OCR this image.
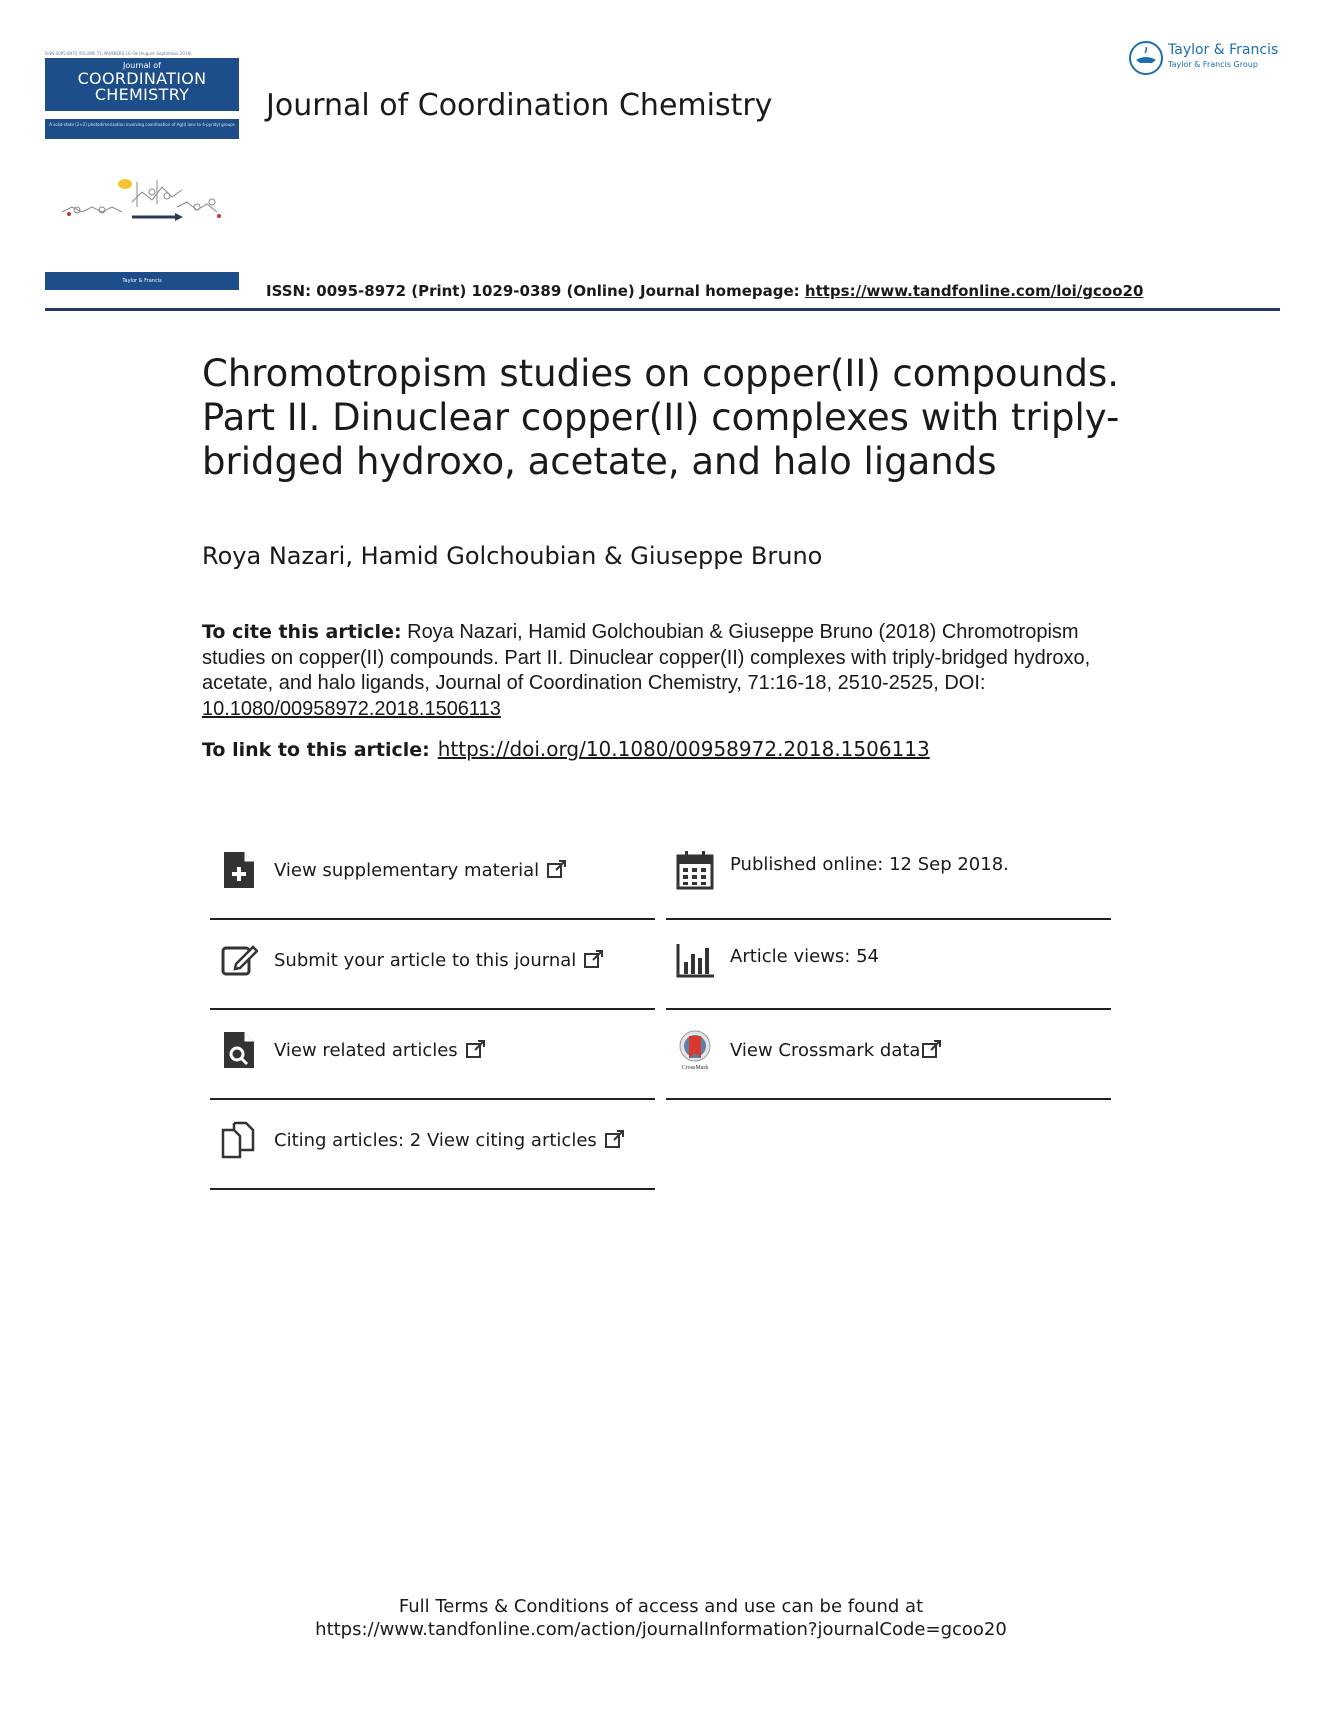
ISSN 0095-8972 VOLUME 71, NUMBERS 16–18 (August–September 2018)
Journal of
COORDINATION
CHEMISTRY
A solid-state [2+2] photodimerization involving coordination of Ag(I) ions to 4-pyridyl groups
Taylor & Francis
Journal of Coordination Chemistry
Taylor & Francis
Taylor & Francis Group
ISSN: 0095-8972 (Print) 1029-0389 (Online) Journal homepage: https://www.tandfonline.com/loi/gcoo20
Chromotropism studies on copper(II) compounds. Part II. Dinuclear copper(II) complexes with triply-bridged hydroxo, acetate, and halo ligands
Roya Nazari, Hamid Golchoubian & Giuseppe Bruno
To cite this article: Roya Nazari, Hamid Golchoubian & Giuseppe Bruno (2018) Chromotropism studies on copper(II) compounds. Part II. Dinuclear copper(II) complexes with triply-bridged hydroxo, acetate, and halo ligands, Journal of Coordination Chemistry, 71:16-18, 2510-2525, DOI: 10.1080/00958972.2018.1506113
To link to this article: https://doi.org/10.1080/00958972.2018.1506113
View supplementary material
Submit your article to this journal
View related articles
Citing articles: 2 View citing articles
Published online: 12 Sep 2018.
Article views: 54
CrossMark
View Crossmark data
Full Terms & Conditions of access and use can be found at
https://www.tandfonline.com/action/journalInformation?journalCode=gcoo20
